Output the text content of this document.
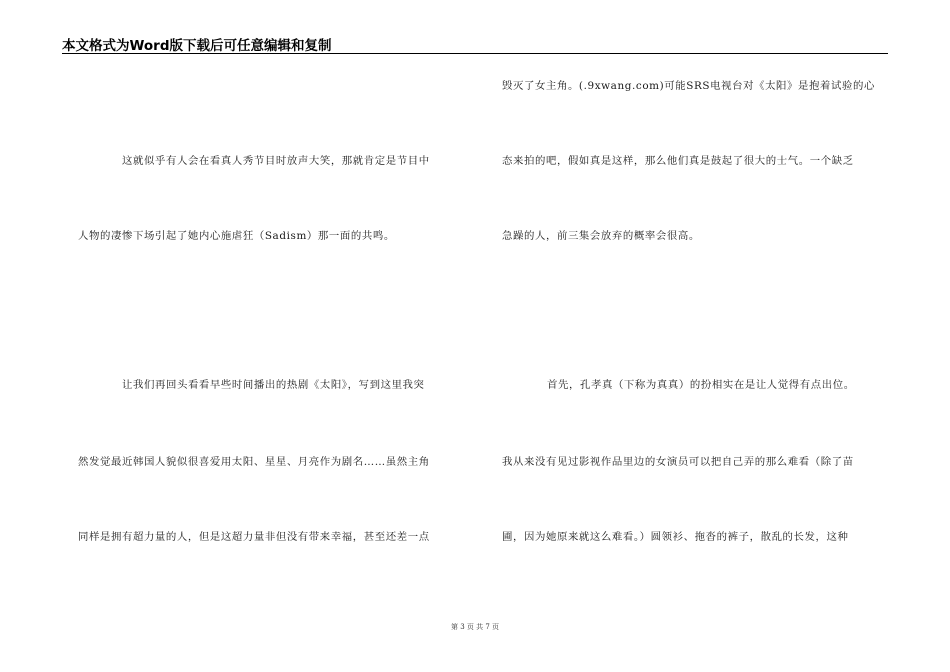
本文格式为Word版下载后可任意编辑和复制
这就似乎有人会在看真人秀节目时放声大笑，那就肯定是节目中
人物的凄惨下场引起了她内心施虐狂（Sadism）那一面的共鸣。
让我们再回头看看早些时间播出的热剧《太阳》，写到这里我突
然发觉最近韩国人貌似很喜爱用太阳、星星、月亮作为剧名……虽然主角
同样是拥有超力量的人，但是这超力量非但没有带来幸福，甚至还差一点
毁灭了女主角。(.9xwang.com)可能SRS电视台对《太阳》是抱着试验的心
态来拍的吧，假如真是这样，那么他们真是鼓起了很大的士气。一个缺乏
急躁的人，前三集会放弃的概率会很高。
首先，孔孝真（下称为真真）的扮相实在是让人觉得有点出位。
我从来没有见过影视作品里边的女演员可以把自己弄的那么难看（除了苗
圃，因为她原来就这么难看。）圆领衫、拖沓的裤子，散乱的长发，这种
第 3 页 共 7 页
